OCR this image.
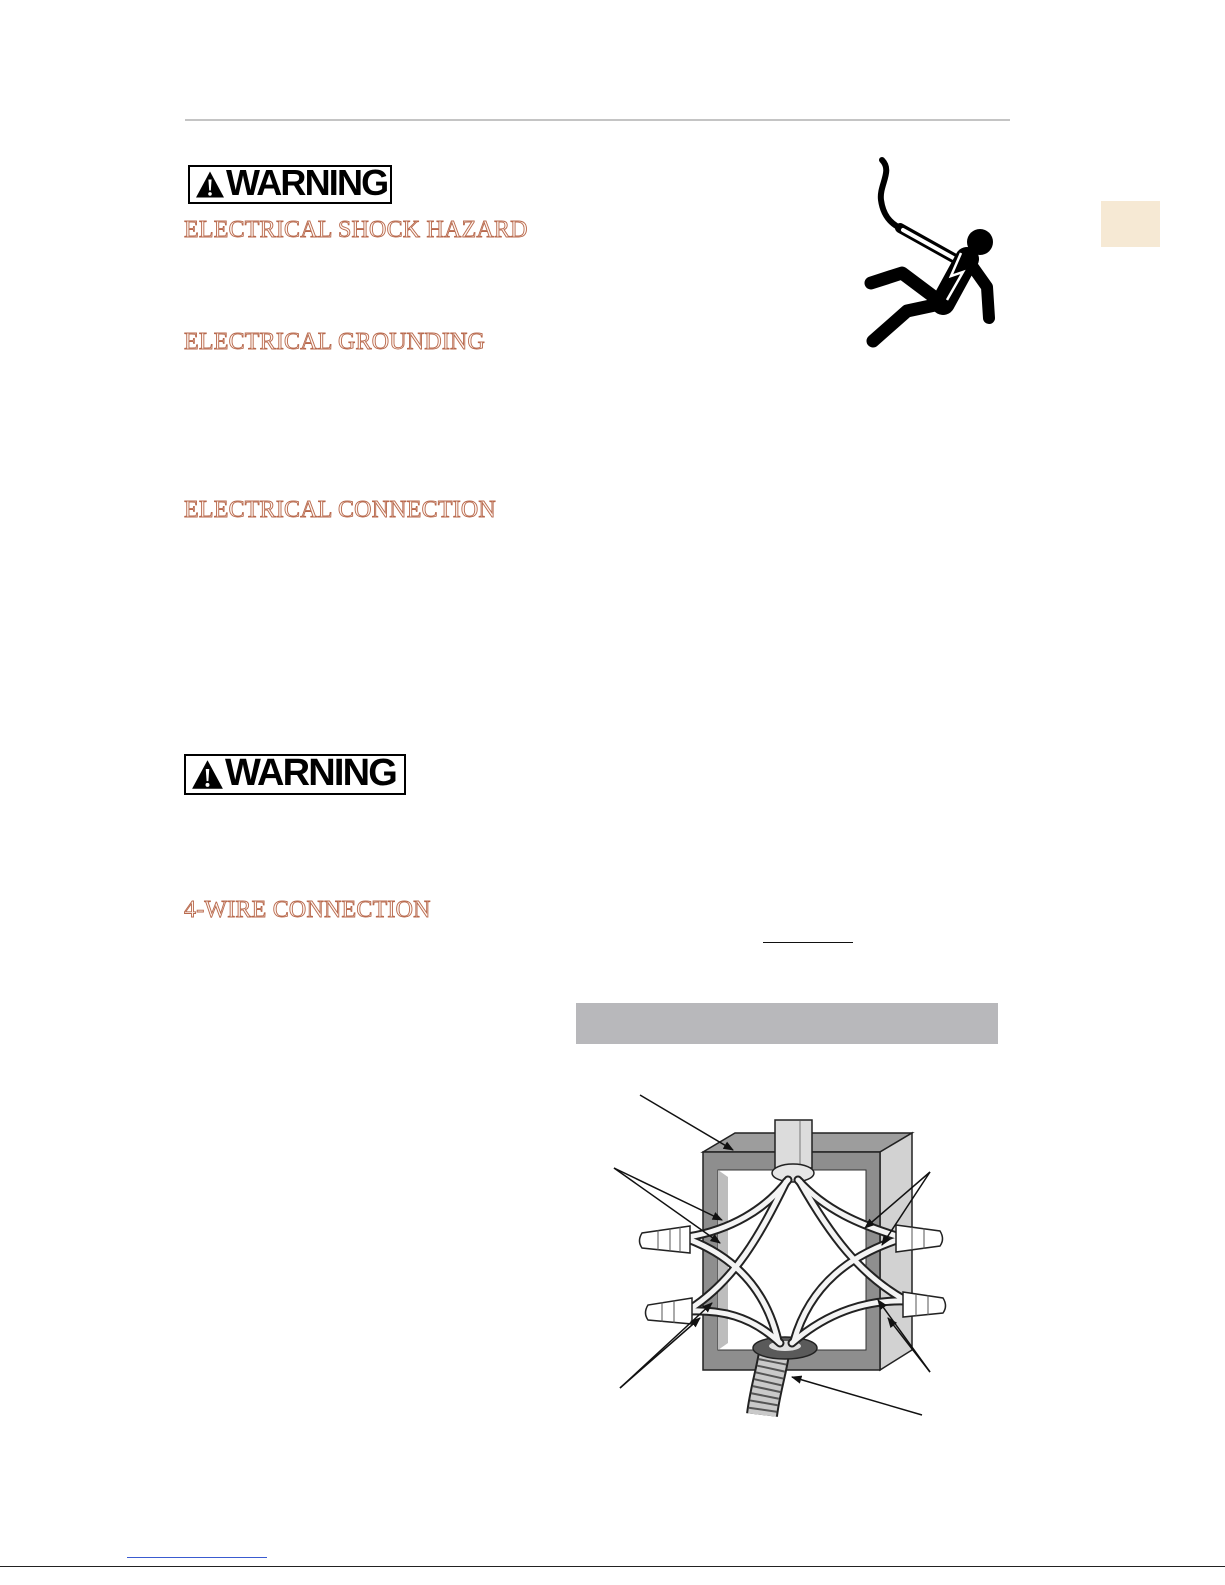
WARNING
ELECTRICAL SHOCK HAZARD
ELECTRICAL GROUNDING
ELECTRICAL CONNECTION
WARNING
4-WIRE CONNECTION
